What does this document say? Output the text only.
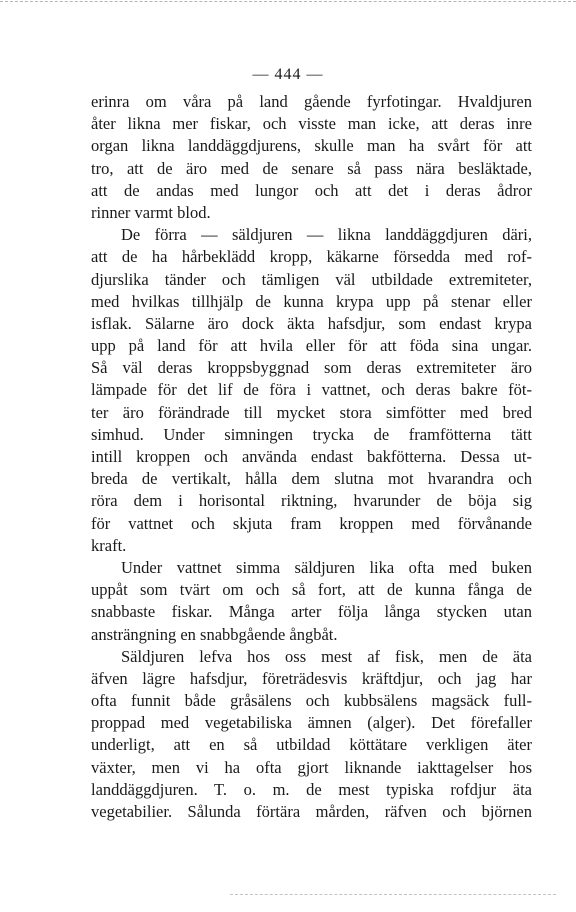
— 444 —
erinra om våra på land gående fyrfotingar. Hvaldjuren
åter likna mer fiskar, och visste man icke, att deras inre
organ likna landdäggdjurens, skulle man ha svårt för att
tro, att de äro med de senare så pass nära besläktade,
att de andas med lungor och att det i deras ådror
rinner varmt blod.
De förra — säldjuren — likna landdäggdjuren däri,
att de ha hårbeklädd kropp, käkarne försedda med rof-
djurslika tänder och tämligen väl utbildade extremiteter,
med hvilkas tillhjälp de kunna krypa upp på stenar eller
isflak. Sälarne äro dock äkta hafsdjur, som endast krypa
upp på land för att hvila eller för att föda sina ungar.
Så väl deras kroppsbyggnad som deras extremiteter äro
lämpade för det lif de föra i vattnet, och deras bakre föt-
ter äro förändrade till mycket stora simfötter med bred
simhud. Under simningen trycka de framfötterna tätt
intill kroppen och använda endast bakfötterna. Dessa ut-
breda de vertikalt, hålla dem slutna mot hvarandra och
röra dem i horisontal riktning, hvarunder de böja sig
för vattnet och skjuta fram kroppen med förvånande
kraft.
Under vattnet simma säldjuren lika ofta med buken
uppåt som tvärt om och så fort, att de kunna fånga de
snabbaste fiskar. Många arter följa långa stycken utan
ansträngning en snabbgående ångbåt.
Säldjuren lefva hos oss mest af fisk, men de äta
äfven lägre hafsdjur, företrädesvis kräftdjur, och jag har
ofta funnit både gråsälens och kubbsälens magsäck full-
proppad med vegetabiliska ämnen (alger). Det förefaller
underligt, att en så utbildad köttätare verkligen äter
växter, men vi ha ofta gjort liknande iakttagelser hos
landdäggdjuren. T. o. m. de mest typiska rofdjur äta
vegetabilier. Sålunda förtära mården, räfven och björnen
